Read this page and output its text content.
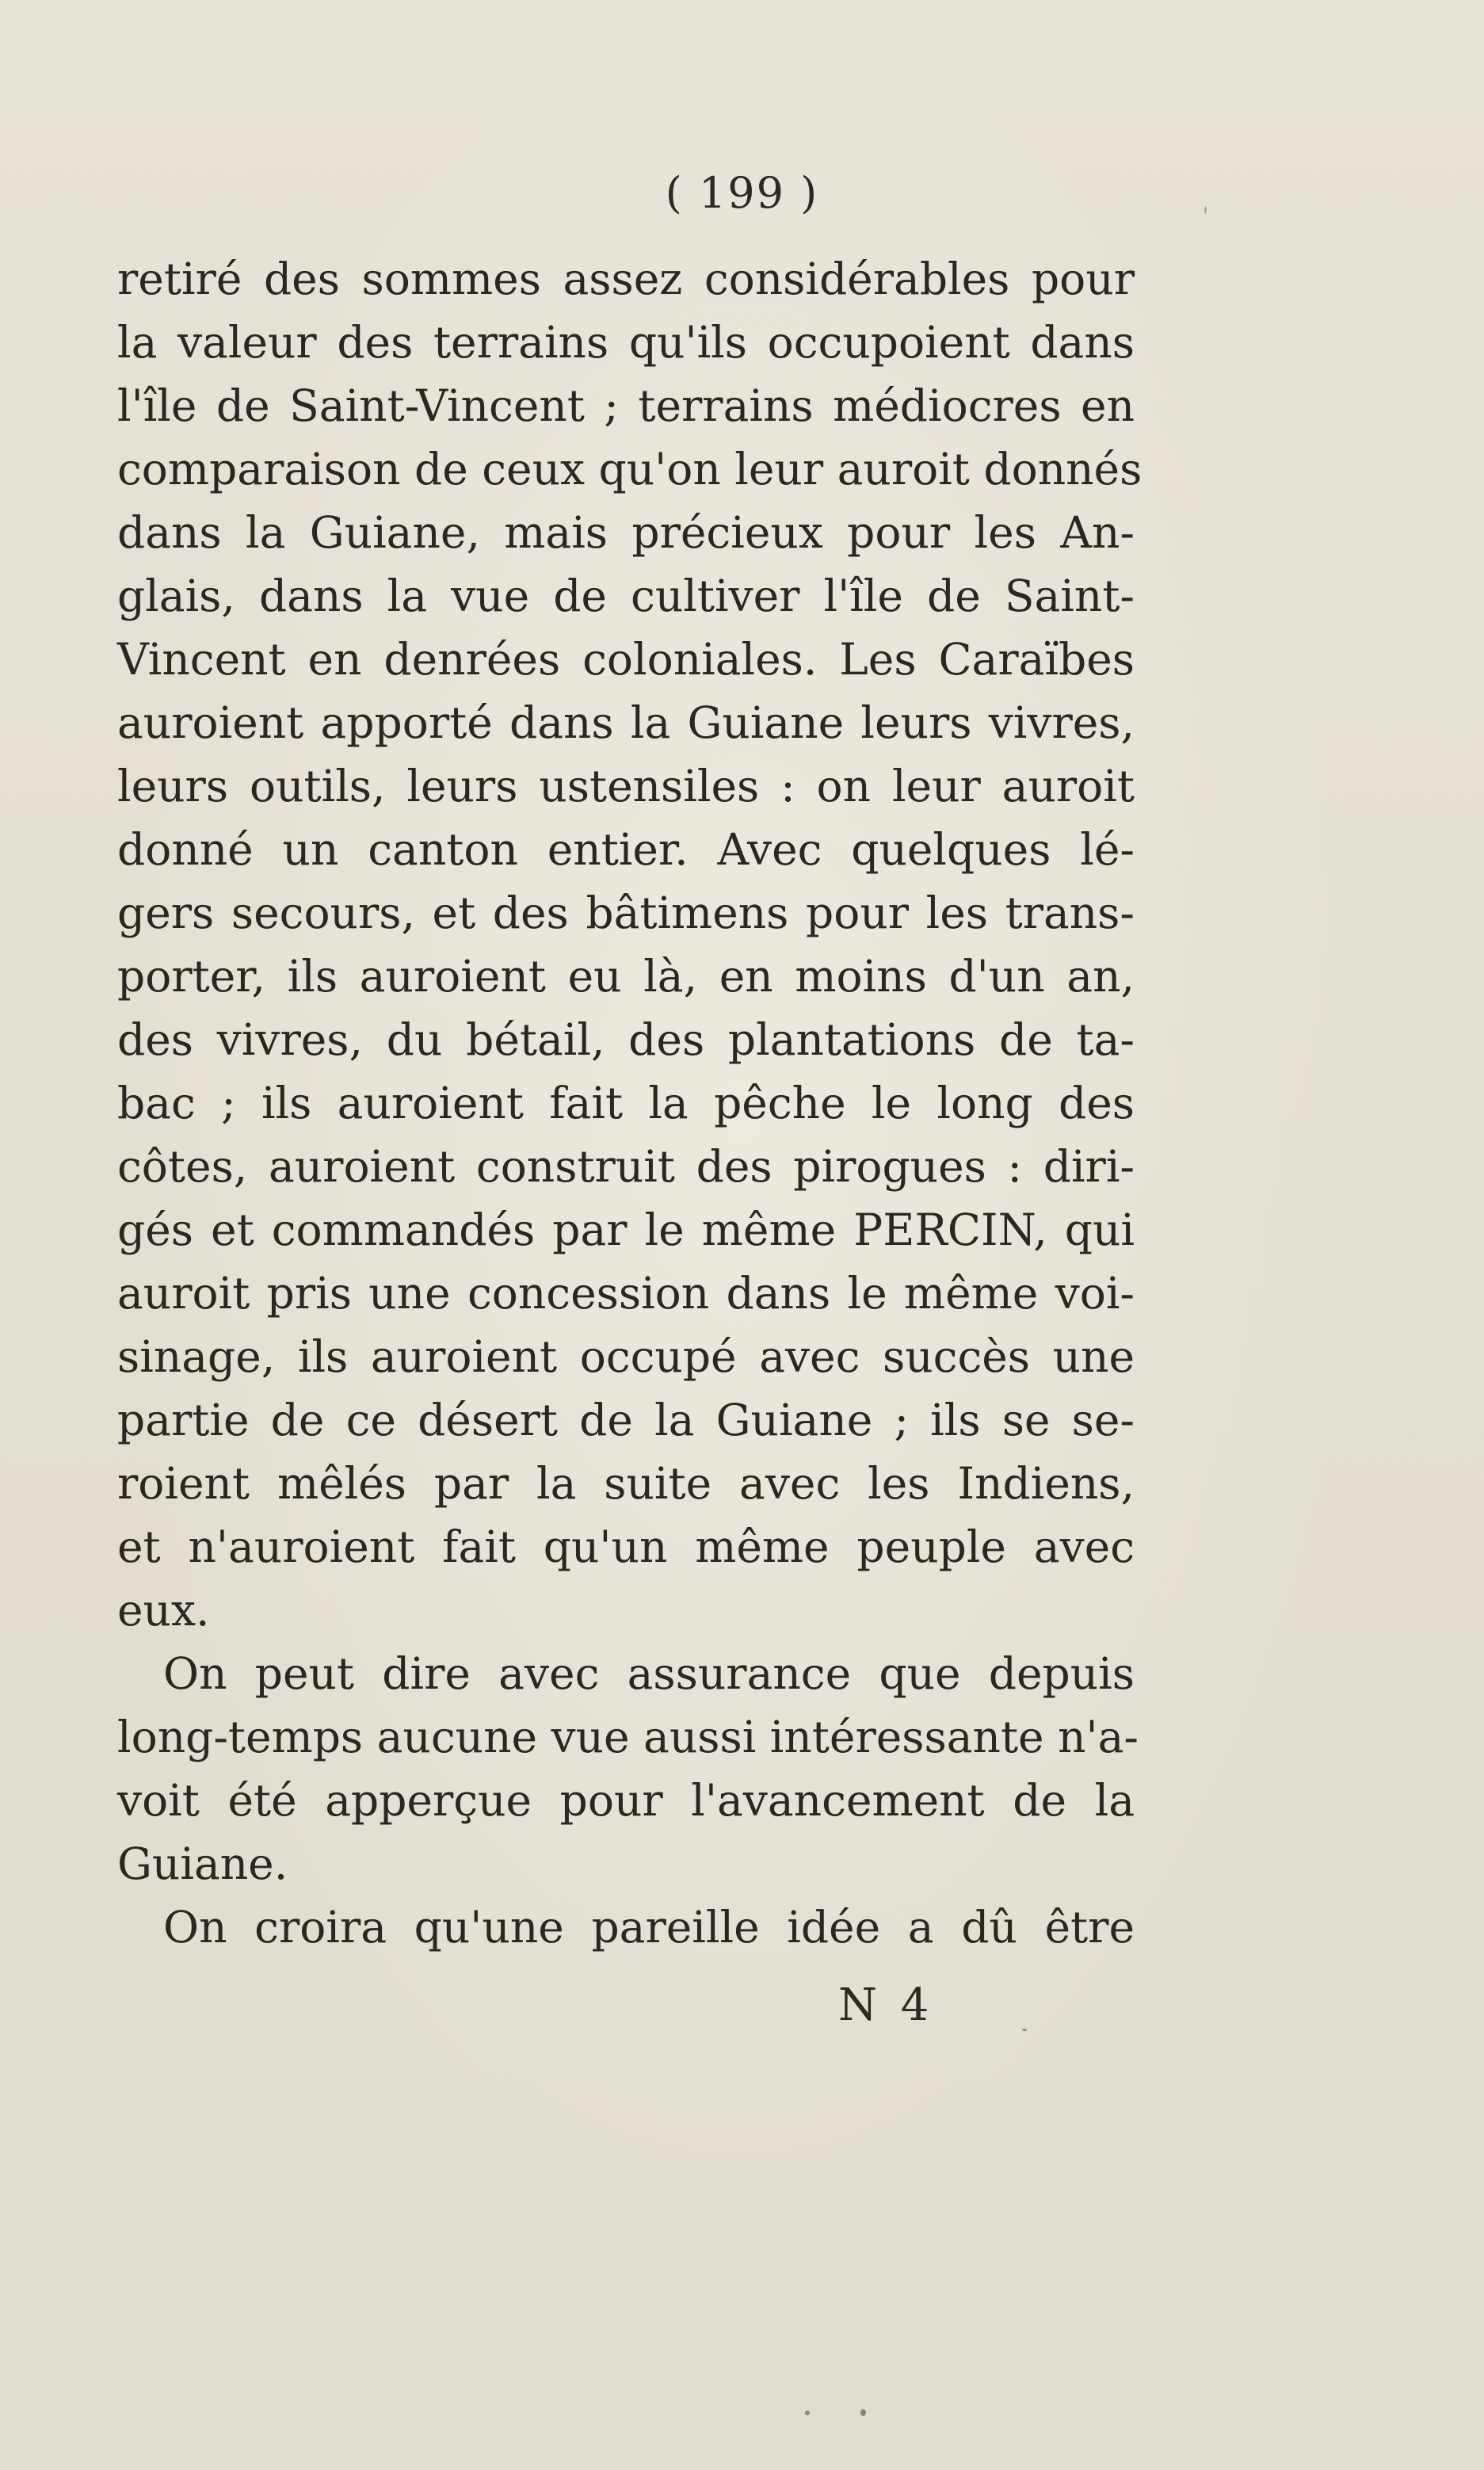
( 199 )
retiré des sommes assez considérables pour
la valeur des terrains qu'ils occupoient dans
l'île de Saint-Vincent ; terrains médiocres en
comparaison de ceux qu'on leur auroit donnés
dans la Guiane, mais précieux pour les An-
glais, dans la vue de cultiver l'île de Saint-
Vincent en denrées coloniales. Les Caraïbes
auroient apporté dans la Guiane leurs vivres,
leurs outils, leurs ustensiles : on leur auroit
donné un canton entier. Avec quelques lé-
gers secours, et des bâtimens pour les trans-
porter, ils auroient eu là, en moins d'un an,
des vivres, du bétail, des plantations de ta-
bac ; ils auroient fait la pêche le long des
côtes, auroient construit des pirogues : diri-
gés et commandés par le même PERCIN, qui
auroit pris une concession dans le même voi-
sinage, ils auroient occupé avec succès une
partie de ce désert de la Guiane ; ils se se-
roient mêlés par la suite avec les Indiens,
et n'auroient fait qu'un même peuple avec
eux.
On peut dire avec assurance que depuis
long-temps aucune vue aussi intéressante n'a-
voit été apperçue pour l'avancement de la
Guiane.
On croira qu'une pareille idée a dû être
N 4
